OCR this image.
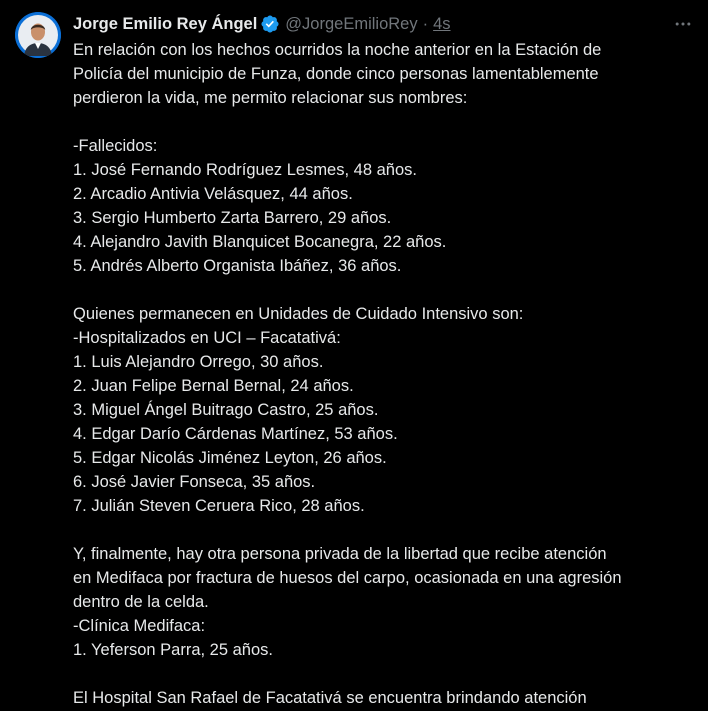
Jorge Emilio Rey Ángel @JorgeEmilioRey · 4s
En relación con los hechos ocurridos la noche anterior en la Estación de
Policía del municipio de Funza, donde cinco personas lamentablemente
perdieron la vida, me permito relacionar sus nombres:
-Fallecidos:
1. José Fernando Rodríguez Lesmes, 48 años.
2. Arcadio Antivia Velásquez, 44 años.
3. Sergio Humberto Zarta Barrero, 29 años.
4. Alejandro Javith Blanquicet Bocanegra, 22 años.
5. Andrés Alberto Organista Ibáñez, 36 años.
Quienes permanecen en Unidades de Cuidado Intensivo son:
-Hospitalizados en UCI – Facatativá:
1. Luis Alejandro Orrego, 30 años.
2. Juan Felipe Bernal Bernal, 24 años.
3. Miguel Ángel Buitrago Castro, 25 años.
4. Edgar Darío Cárdenas Martínez, 53 años.
5. Edgar Nicolás Jiménez Leyton, 26 años.
6. José Javier Fonseca, 35 años.
7. Julián Steven Ceruera Rico, 28 años.
Y, finalmente, hay otra persona privada de la libertad que recibe atención
en Medifaca por fractura de huesos del carpo, ocasionada en una agresión
dentro de la celda.
-Clínica Medifaca:
1. Yeferson Parra, 25 años.
El Hospital San Rafael de Facatativá se encuentra brindando atención
